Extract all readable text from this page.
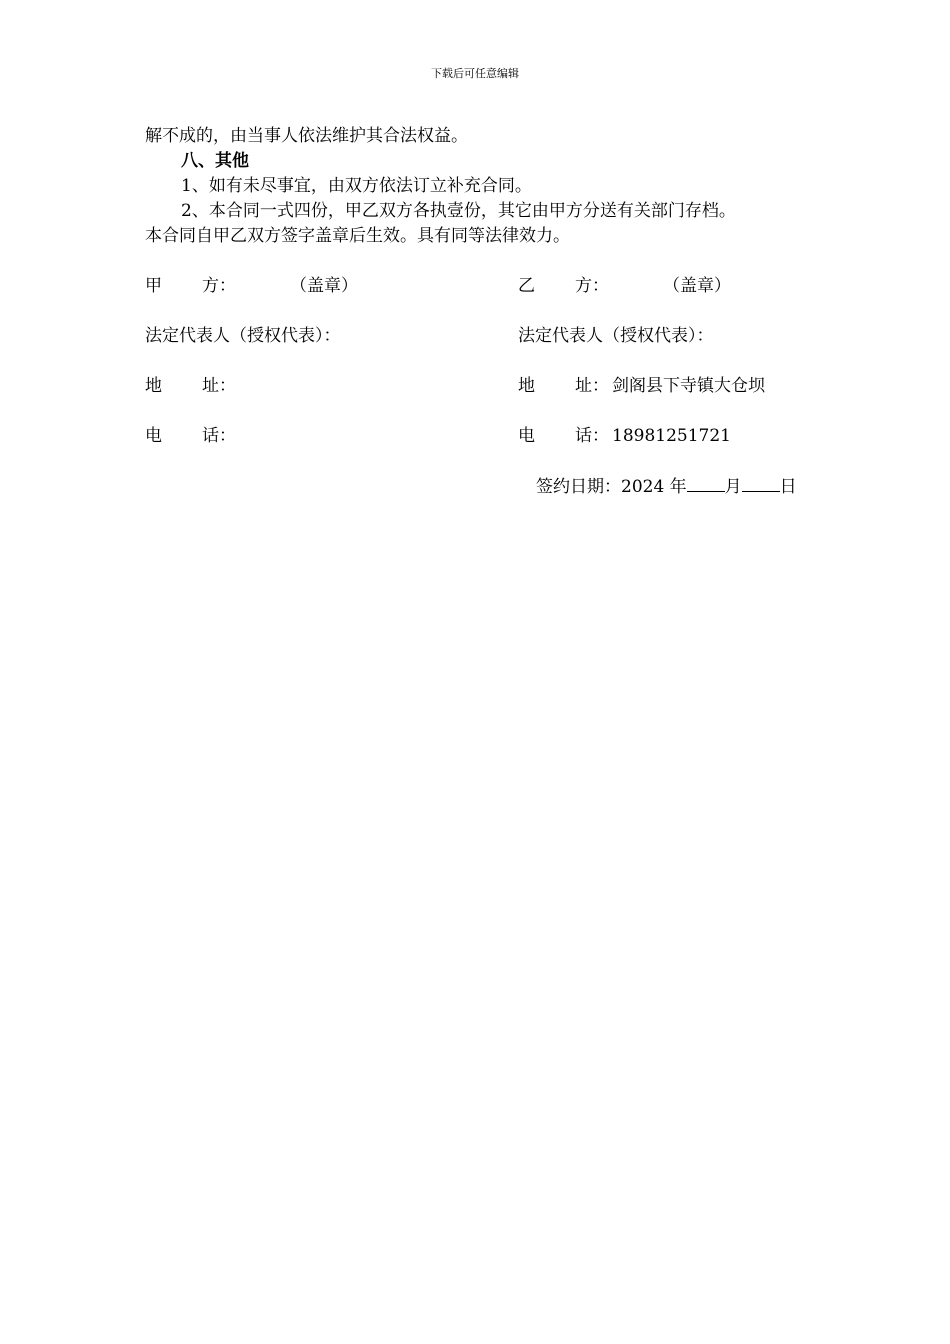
下载后可任意编辑
解不成的，由当事人依法维护其合法权益。
八、其他
1、如有未尽事宜，由双方依法订立补充合同。
2、本合同一式四份，甲乙双方各执壹份，其它由甲方分送有关部门存档。
本合同自甲乙双方签字盖章后生效。具有同等法律效力。
甲 方：	（盖章）
法定代表人（授权代表）：
地 址：
电 话：
乙 方：	（盖章）
法定代表人（授权代表）：
地 址： 剑阁县下寺镇大仓坝
电 话： 18981251721
签约日期：2024 年 月 日
